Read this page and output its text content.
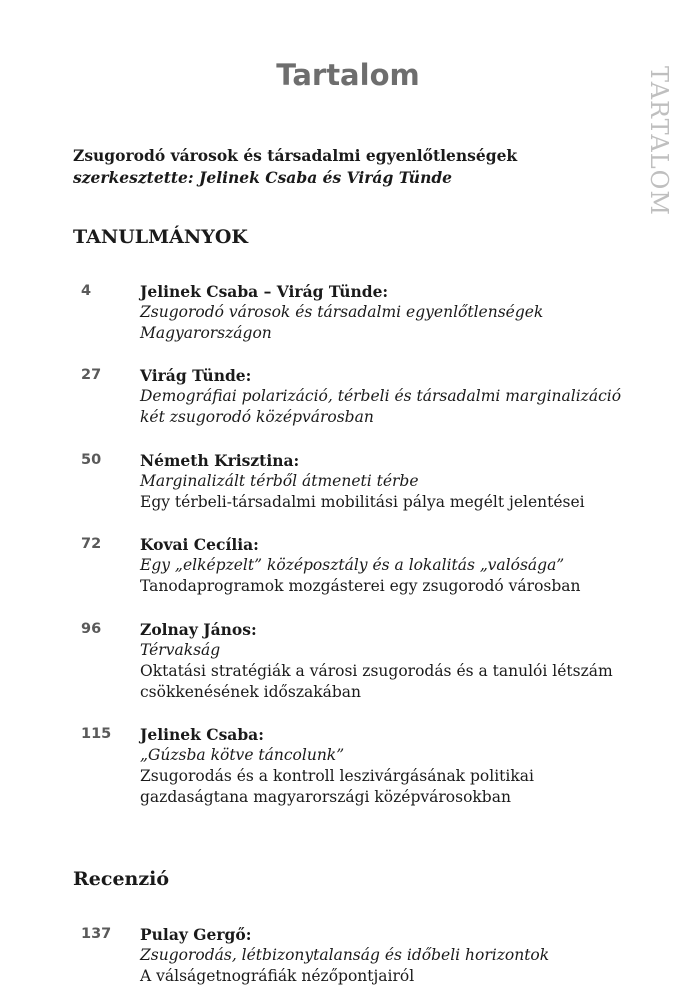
Tartalom	TARTALOM
Zsugorodó városok és társadalmi egyenlőtlenségek
szerkesztette: Jelinek Csaba és Virág Tünde
TANULMÁNYOK
4	Jelinek Csaba – Virág Tünde:
Zsugorodó városok és társadalmi egyenlőtlenségek
Magyarországon
27	Virág Tünde:
Demográfiai polarizáció, térbeli és társadalmi marginalizáció
két zsugorodó középvárosban
50	Németh Krisztina:
Marginalizált térből átmeneti térbe
Egy térbeli-társadalmi mobilitási pálya megélt jelentései
72	Kovai Cecília:
Egy „elképzelt” középosztály és a lokalitás „valósága”
Tanodaprogramok mozgásterei egy zsugorodó városban
96	Zolnay János:
Térvakság
Oktatási stratégiák a városi zsugorodás és a tanulói létszám
csökkenésének időszakában
115 Jelinek Csaba:
„Gúzsba kötve táncolunk”
Zsugorodás és a kontroll leszivárgásának politikai
gazdaságtana magyarországi középvárosokban
Recenzió
137 Pulay Gergő:
Zsugorodás, létbizonytalanság és időbeli horizontok
A válságetnográfiák nézőpontjairól
